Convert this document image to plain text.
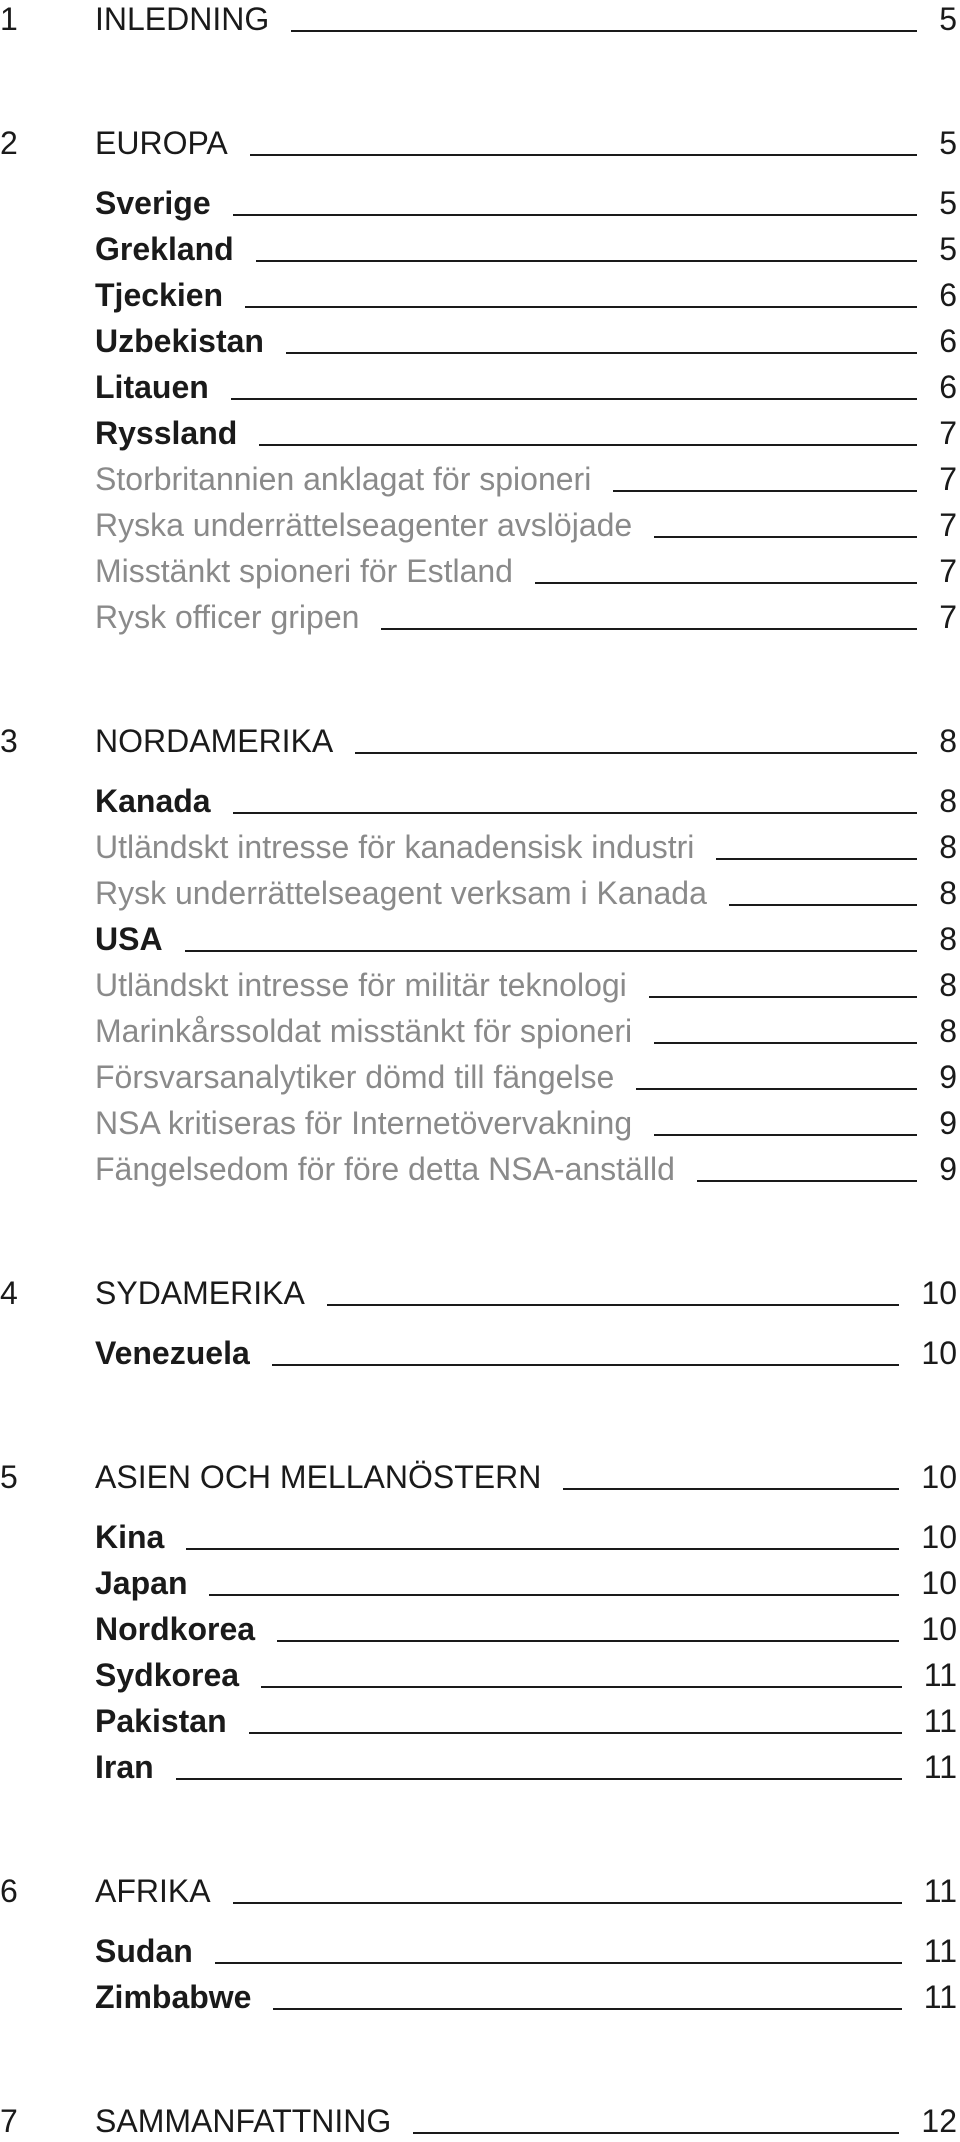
1 INLEDNING	5
2 EUROPA	5
Sverige	5
Grekland	5
Tjeckien	6
Uzbekistan	6
Litauen	6
Ryssland	7
Storbritannien anklagat för spioneri	7
Ryska underrättelseagenter avslöjade	7
Misstänkt spioneri för Estland	7
Rysk officer gripen	7
3 NORDAMERIKA	8
Kanada	8
Utländskt intresse för kanadensisk industri	8
Rysk underrättelseagent verksam i Kanada	8
USA	8
Utländskt intresse för militär teknologi	8
Marinkårssoldat misstänkt för spioneri	8
Försvarsanalytiker dömd till fängelse	9
NSA kritiseras för Internetövervakning	9
Fängelsedom för före detta NSA-anställd	9
4 SYDAMERIKA	10
Venezuela	10
5 ASIEN OCH MELLANÖSTERN	10
Kina	10
Japan	10
Nordkorea	10
Sydkorea	11
Pakistan	11
Iran	11
6 AFRIKA	11
Sudan	11
Zimbabwe	11
7 SAMMANFATTNING	12
